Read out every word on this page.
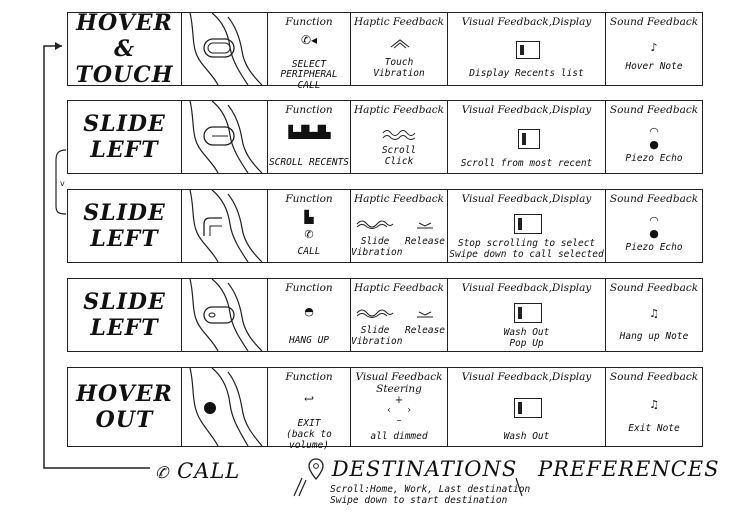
v
HOVER &
TOUCH
Function
✆◂
SELECT
PERIPHERAL CALL
Haptic Feedback
Touch
Vibration
Visual Feedback,Display
Display Recents list
Sound Feedback
♪
Hover Note
SLIDE
LEFT
Function
▙▟▙▟▙
SCROLL RECENTS
Haptic Feedback
Scroll
Click
Visual Feedback,Display
Scroll from most recent
Sound Feedback
◠
●
Piezo Echo
SLIDE
LEFT
Function
▙
✆
CALL
Haptic Feedback
Slide
Vibration
Release
Visual Feedback,Display
Stop scrolling to select
Swipe down to call selected
Sound Feedback
◠
●
Piezo Echo
SLIDE
LEFT
Function
◓
HANG UP
Haptic Feedback
Slide
Vibration
Release
Visual Feedback,Display
Wash Out
Pop Up
Sound Feedback
♫
Hang up Note
HOVER
OUT
Function
↩
EXIT
(back to volume)
Visual Feedback
Steering
+
‹     ›
–
all dimmed
Visual Feedback,Display
Wash Out
Sound Feedback
♫
Exit Note
✆ CALL	DESTINATIONS
Scroll:Home, Work, Last destination
Swipe down to start destination
PREFERENCES
